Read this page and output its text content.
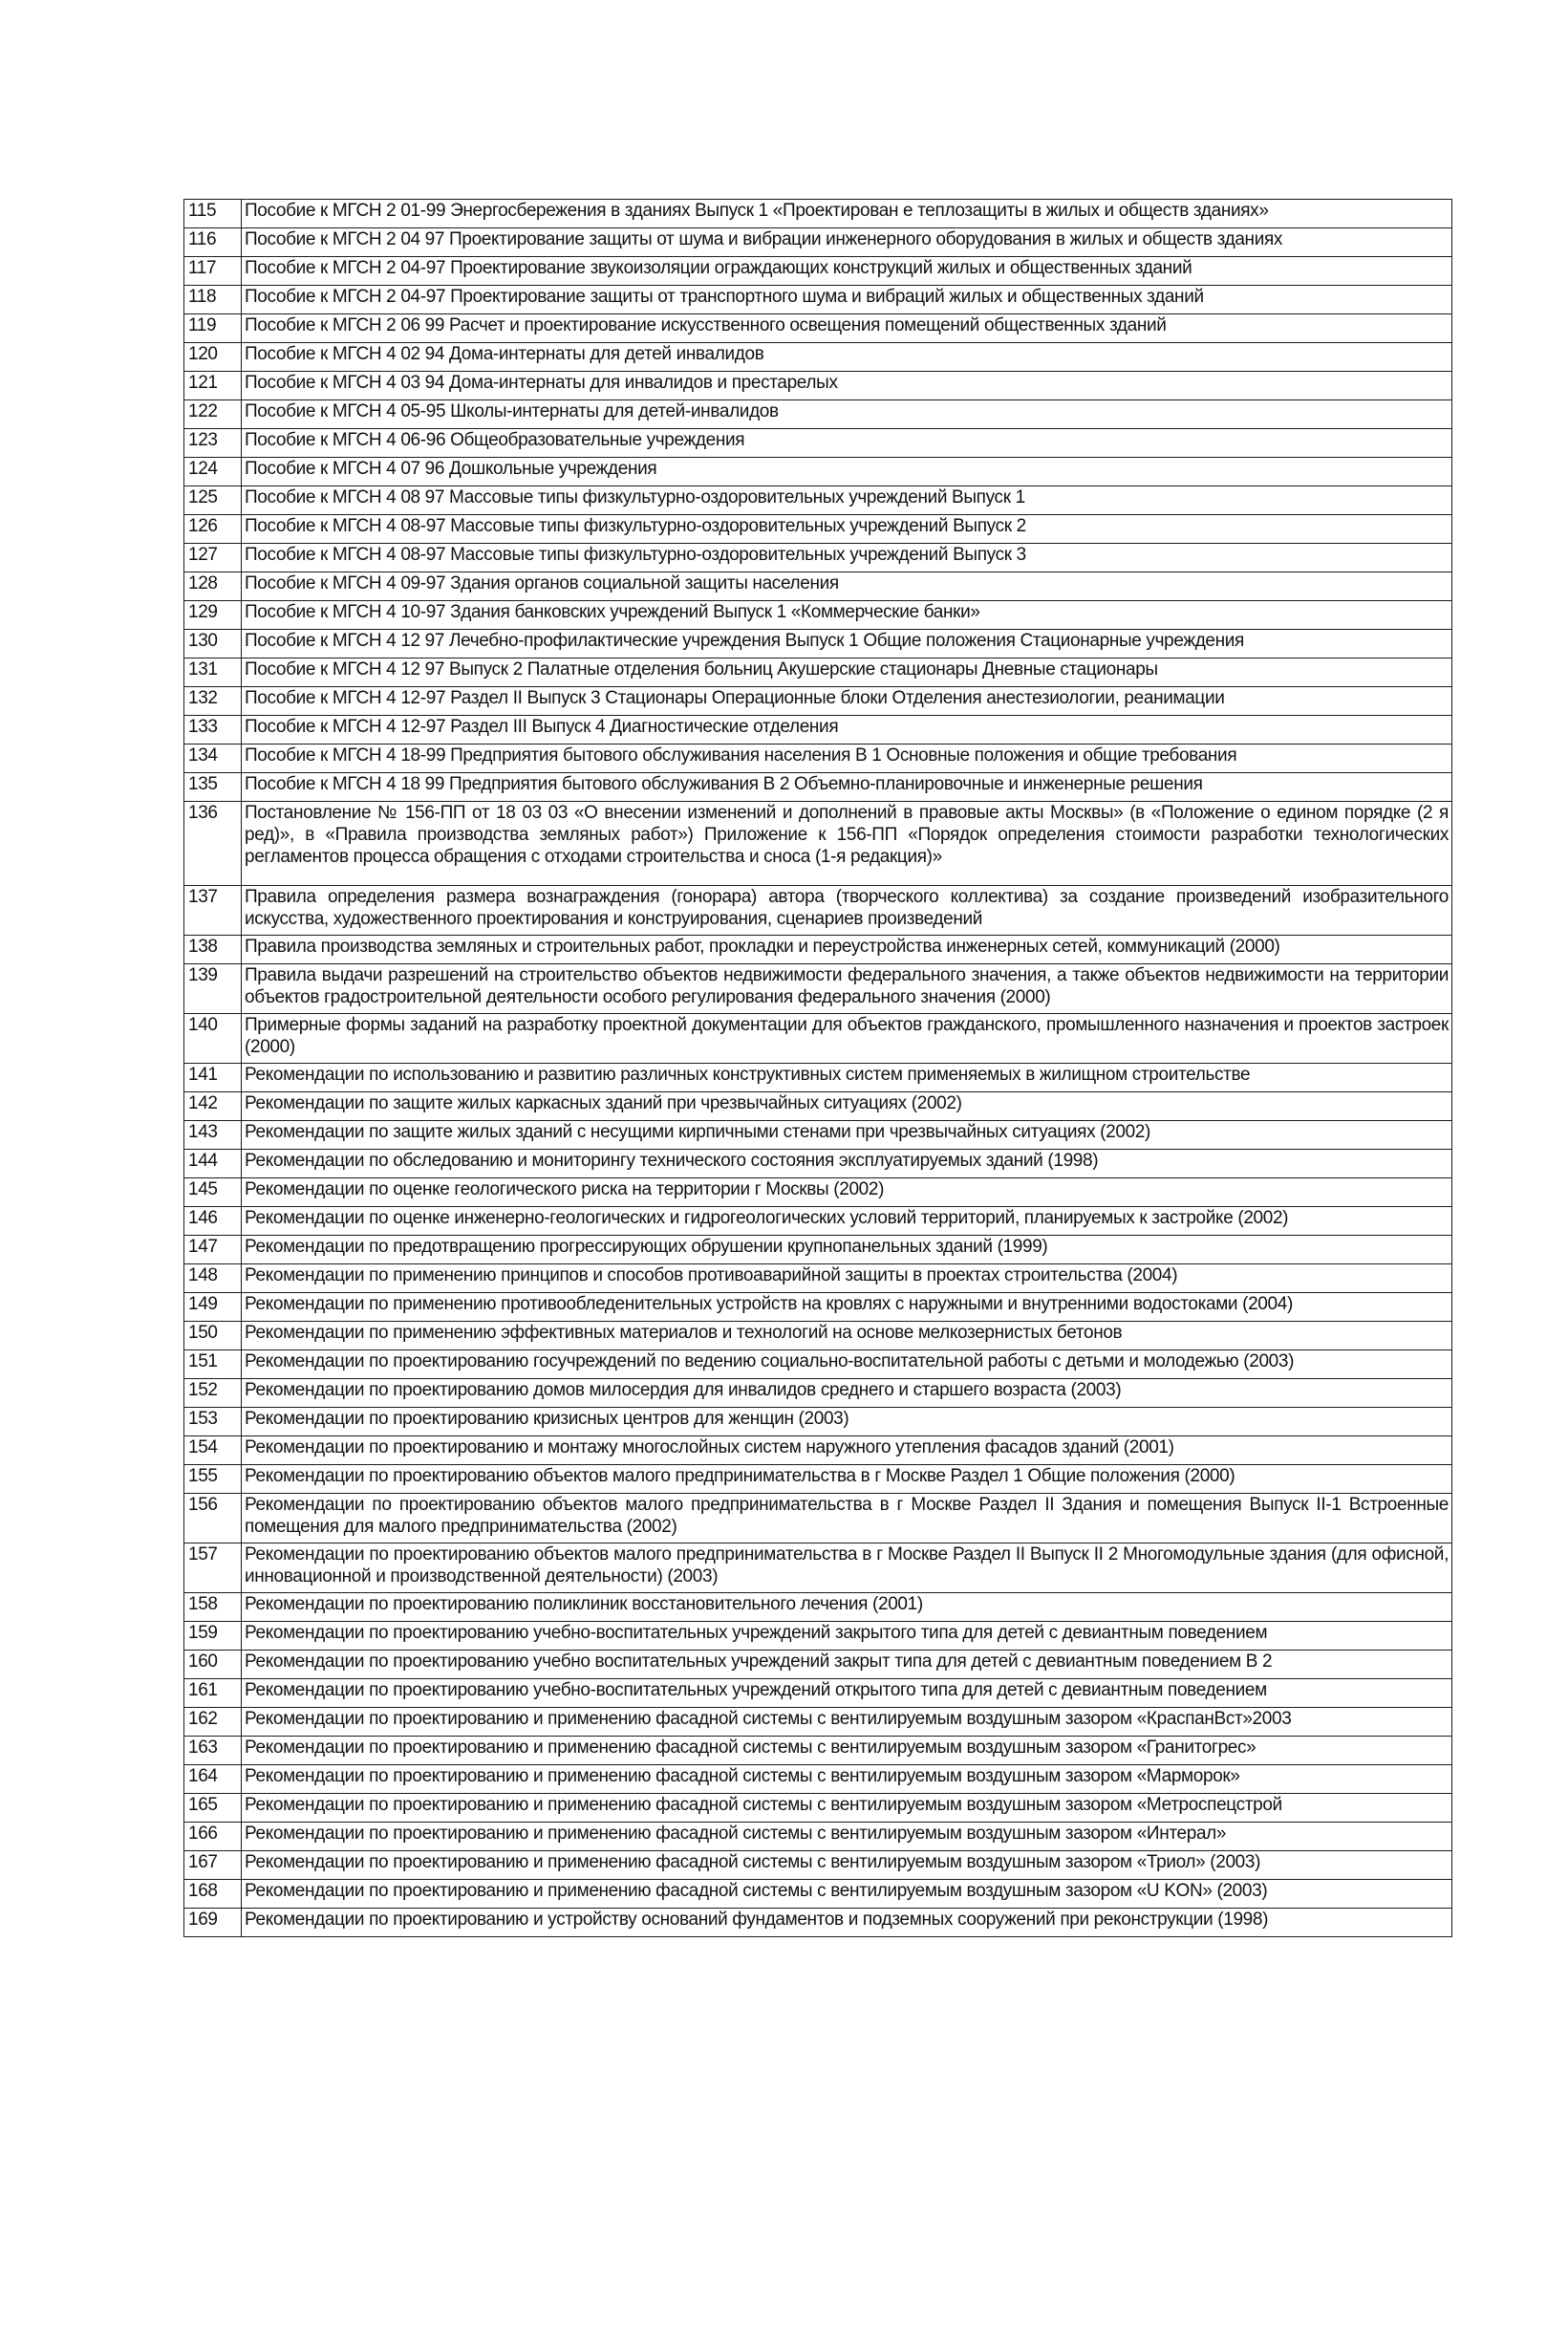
115	Пособие к МГСН 2 01-99 Энергосбережения в зданиях Выпуск 1 «Проектирован е теплозащиты в жилых и обществ зданиях»
116	Пособие к МГСН 2 04 97 Проектирование защиты от шума и вибрации инженерного оборудования в жилых и обществ зданиях
117	Пособие к МГСН 2 04-97 Проектирование звукоизоляции ограждающих конструкций жилых и общественных зданий
118	Пособие к МГСН 2 04-97 Проектирование защиты от транспортного шума и вибраций жилых и общественных зданий
119	Пособие к МГСН 2 06 99 Расчет и проектирование искусственного освещения помещений общественных зданий
120	Пособие к МГСН 4 02 94 Дома-интернаты для детей инвалидов
121	Пособие к МГСН 4 03 94 Дома-интернаты для инвалидов и престарелых
122	Пособие к МГСН 4 05-95 Школы-интернаты для детей-инвалидов
123	Пособие к МГСН 4 06-96 Общеобразовательные учреждения
124	Пособие к МГСН 4 07 96 Дошкольные учреждения
125	Пособие к МГСН 4 08 97 Массовые типы физкультурно-оздоровительных учреждений Выпуск 1
126	Пособие к МГСН 4 08-97 Массовые типы физкультурно-оздоровительных учреждений Выпуск 2
127	Пособие к МГСН 4 08-97 Массовые типы физкультурно-оздоровительных учреждений Выпуск 3
128	Пособие к МГСН 4 09-97 Здания органов социальной защиты населения
129	Пособие к МГСН 4 10-97 Здания банковских учреждений Выпуск 1 «Коммерческие банки»
130	Пособие к МГСН 4 12 97 Лечебно-профилактические учреждения Выпуск 1 Общие положения Стационарные учреждения
131	Пособие к МГСН 4 12 97 Выпуск 2 Палатные отделения больниц Акушерские стационары Дневные стационары
132	Пособие к МГСН 4 12-97 Раздел II Выпуск 3 Стационары Операционные блоки Отделения анестезиологии, реанимации
133	Пособие к МГСН 4 12-97 Раздел III Выпуск 4 Диагностические отделения
134	Пособие к МГСН 4 18-99 Предприятия бытового обслуживания населения В 1 Основные положения и общие требования
135	Пособие к МГСН 4 18 99 Предприятия бытового обслуживания В 2 Объемно-планировочные и инженерные решения
136	Постановление № 156-ПП от 18 03 03 «О внесении изменений и дополнений в правовые акты Москвы» (в «Положение о едином порядке (2 я ред)», в «Правила производства земляных работ») Приложение к 156-ПП «Порядок определения стоимости разработки технологических регламентов процесса обращения с отходами строительства и сноса (1-я редакция)»
137	Правила определения размера вознаграждения (гонорара) автора (творческого коллектива) за создание произведений изобразительного искусства, художественного проектирования и конструирования, сценариев произведений
138	Правила производства земляных и строительных работ, прокладки и переустройства инженерных сетей, коммуникаций (2000)
139	Правила выдачи разрешений на строительство объектов недвижимости федерального значения, а также объектов недвижимости на территории объектов градостроительной деятельности особого регулирования федерального значения (2000)
140	Примерные формы заданий на разработку проектной документации для объектов гражданского, промышленного назначения и проектов застроек (2000)
141	Рекомендации по использованию и развитию различных конструктивных систем применяемых в жилищном строительстве
142	Рекомендации по защите жилых каркасных зданий при чрезвычайных ситуациях (2002)
143	Рекомендации по защите жилых зданий с несущими кирпичными стенами при чрезвычайных ситуациях (2002)
144	Рекомендации по обследованию и мониторингу технического состояния эксплуатируемых зданий (1998)
145	Рекомендации по оценке геологического риска на территории г Москвы (2002)
146	Рекомендации по оценке инженерно-геологических и гидрогеологических условий территорий, планируемых к застройке (2002)
147	Рекомендации по предотвращению прогрессирующих обрушении крупнопанельных зданий (1999)
148	Рекомендации по применению принципов и способов противоаварийной защиты в проектах строительства (2004)
149	Рекомендации по применению противообледенительных устройств на кровлях с наружными и внутренними водостоками (2004)
150	Рекомендации по применению эффективных материалов и технологий на основе мелкозернистых бетонов
151	Рекомендации по проектированию госучреждений по ведению социально-воспитательной работы с детьми и молодежью (2003)
152	Рекомендации по проектированию домов милосердия для инвалидов среднего и старшего возраста (2003)
153	Рекомендации по проектированию кризисных центров для женщин (2003)
154	Рекомендации по проектированию и монтажу многослойных систем наружного утепления фасадов зданий (2001)
155	Рекомендации по проектированию объектов малого предпринимательства в г Москве Раздел 1 Общие положения (2000)
156	Рекомендации по проектированию объектов малого предпринимательства в г Москве Раздел II Здания и помещения Выпуск II-1 Встроенные помещения для малого предпринимательства (2002)
157	Рекомендации по проектированию объектов малого предпринимательства в г Москве Раздел II Выпуск II 2 Многомодульные здания (для офисной, инновационной и производственной деятельности) (2003)
158	Рекомендации по проектированию поликлиник восстановительного лечения (2001)
159	Рекомендации по проектированию учебно-воспитательных учреждений закрытого типа для детей с девиантным поведением
160	Рекомендации по проектированию учебно воспитательных учреждений закрыт типа для детей с девиантным поведением В 2
161	Рекомендации по проектированию учебно-воспитательных учреждений открытого типа для детей с девиантным поведением
162	Рекомендации по проектированию и применению фасадной системы с вентилируемым воздушным зазором «КраспанВст»2003
163	Рекомендации по проектированию и применению фасадной системы с вентилируемым воздушным зазором «Гранитогрес»
164	Рекомендации по проектированию и применению фасадной системы с вентилируемым воздушным зазором «Марморок»
165	Рекомендации по проектированию и применению фасадной системы с вентилируемым воздушным зазором «Метроспецстрой
166	Рекомендации по проектированию и применению фасадной системы с вентилируемым воздушным зазором «Интерал»
167	Рекомендации по проектированию и применению фасадной системы с вентилируемым воздушным зазором «Триол» (2003)
168	Рекомендации по проектированию и применению фасадной системы с вентилируемым воздушным зазором «U KON» (2003)
169	Рекомендации по проектированию и устройству оснований фундаментов и подземных сооружений при реконструкции (1998)
